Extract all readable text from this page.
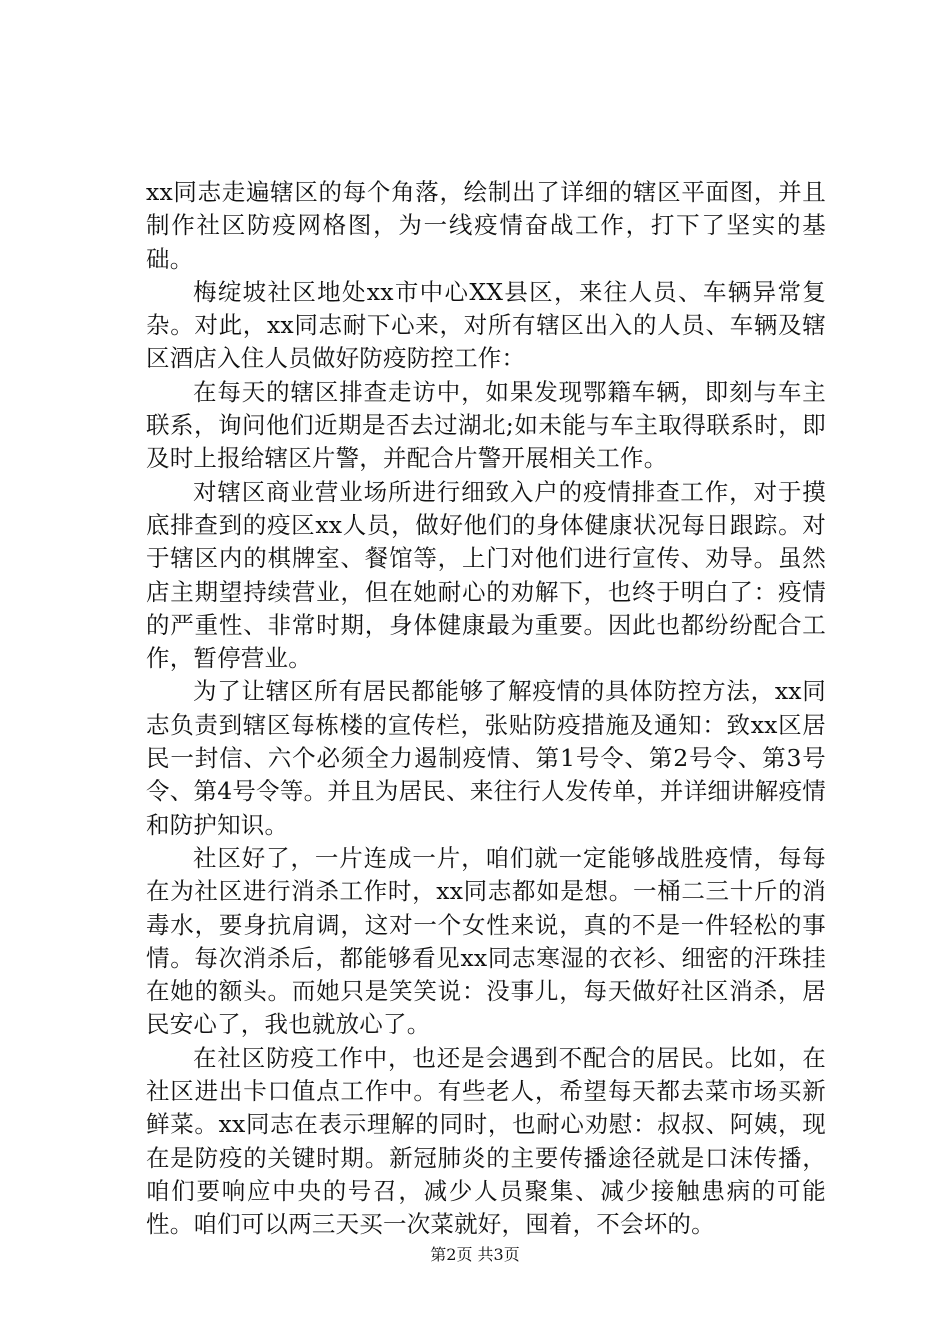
xx同志走遍辖区的每个角落，绘制出了详细的辖区平面图，并且制作社区防疫网格图，为一线疫情奋战工作，打下了坚实的基础。

梅绽坡社区地处xx市中心XX县区，来往人员、车辆异常复杂。对此，xx同志耐下心来，对所有辖区出入的人员、车辆及辖区酒店入住人员做好防疫防控工作：

在每天的辖区排查走访中，如果发现鄂籍车辆，即刻与车主联系，询问他们近期是否去过湖北;如未能与车主取得联系时，即及时上报给辖区片警，并配合片警开展相关工作。

对辖区商业营业场所进行细致入户的疫情排查工作，对于摸底排查到的疫区xx人员，做好他们的身体健康状况每日跟踪。对于辖区内的棋牌室、餐馆等，上门对他们进行宣传、劝导。虽然店主期望持续营业，但在她耐心的劝解下，也终于明白了：疫情的严重性、非常时期，身体健康最为重要。因此也都纷纷配合工作，暂停营业。

为了让辖区所有居民都能够了解疫情的具体防控方法，xx同志负责到辖区每栋楼的宣传栏，张贴防疫措施及通知：致xx区居民一封信、六个必须全力遏制疫情、第1号令、第2号令、第3号令、第4号令等。并且为居民、来往行人发传单，并详细讲解疫情和防护知识。

社区好了，一片连成一片，咱们就一定能够战胜疫情，每每在为社区进行消杀工作时，xx同志都如是想。一桶二三十斤的消毒水，要身抗肩调，这对一个女性来说，真的不是一件轻松的事情。每次消杀后，都能够看见xx同志寒湿的衣衫、细密的汗珠挂在她的额头。而她只是笑笑说：没事儿，每天做好社区消杀，居民安心了，我也就放心了。

在社区防疫工作中，也还是会遇到不配合的居民。比如，在社区进出卡口值点工作中。有些老人，希望每天都去菜市场买新鲜菜。xx同志在表示理解的同时，也耐心劝慰：叔叔、阿姨，现在是防疫的关键时期。新冠肺炎的主要传播途径就是口沫传播，咱们要响应中央的号召，减少人员聚集、减少接触患病的可能性。咱们可以两三天买一次菜就好，囤着，不会坏的。

第2页 共3页
